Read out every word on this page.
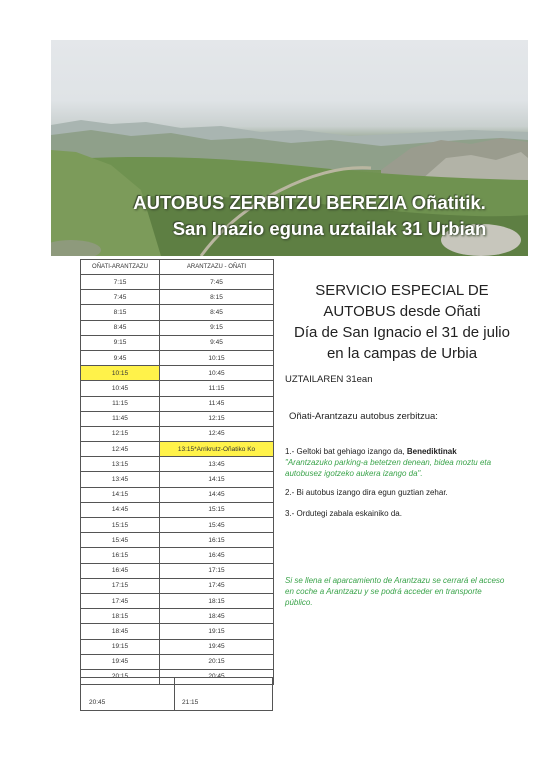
AUTOBUS ZERBITZU BEREZIA Oñatitik.
San Inazio eguna uztailak 31 Urbian
OÑATI-ARANTZAZU	ARANTZAZU - OÑATI
7:15	7:45
7:45	8:15
8:15	8:45
8:45	9:15
9:15	9:45
9:45	10:15
10:15	10:45
10:45	11:15
11:15	11:45
11:45	12:15
12:15	12:45
12:45	13:15*Arrikrutz-Oñatiko Ko
13:15	13:45
13:45	14:15
14:15	14:45
14:45	15:15
15:15	15:45
15:45	16:15
16:15	16:45
16:45	17:15
17:15	17:45
17:45	18:15
18:15	18:45
18:45	19:15
19:15	19:45
19:45	20:15
20:15	20:45
20:45	21:15
SERVICIO ESPECIAL DE
AUTOBUS desde Oñati
Día de San Ignacio el 31 de julio
en la campas de Urbia
UZTAILAREN 31ean
Oñati-Arantzazu autobus zerbitzua:
1.- Geltoki bat gehiago izango da, Benediktinak
"Arantzazuko parking-a betetzen denean, bidea moztu eta autobusez igotzeko aukera izango da".
2.- Bi autobus izango dira egun guztian zehar.
3.- Ordutegi zabala eskainiko da.
Si se llena el aparcamiento de Arantzazu se cerrará el acceso en coche a Arantzazu y se podrá acceder en transporte público.
